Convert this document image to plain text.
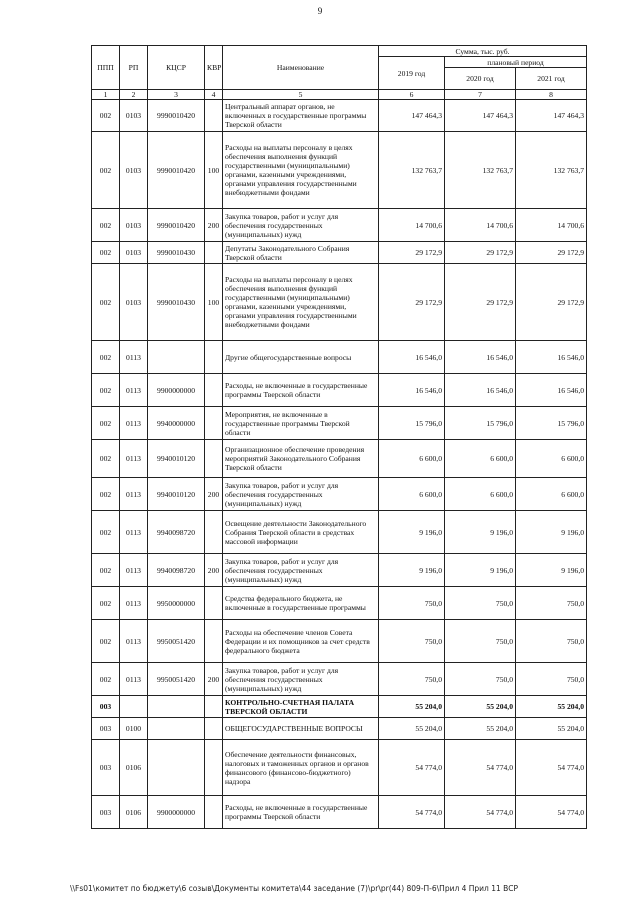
9
ППП	РП	КЦСР	КВР	Наименование	Сумма, тыс. руб.		
					2019 год	плановый период	
						2020 год	2021 год
1	2	3	4	5	6	7	8
002	0103	9990010420		Центральный аппарат органов, не включенных в государственные программы Тверской области	147 464,3	147 464,3	147 464,3
002	0103	9990010420	100	Расходы на выплаты персоналу в целях обеспечения выполнения функций государственными (муниципальными) органами, казенными учреждениями, органами управления государственными внебюджетными фондами	132 763,7	132 763,7	132 763,7
002	0103	9990010420	200	Закупка товаров, работ и услуг для обеспечения государственных (муниципальных) нужд	14 700,6	14 700,6	14 700,6
002	0103	9990010430		Депутаты Законодательного Собрания Тверской области	29 172,9	29 172,9	29 172,9
002	0103	9990010430	100	Расходы на выплаты персоналу в целях обеспечения выполнения функций государственными (муниципальными) органами, казенными учреждениями, органами управления государственными внебюджетными фондами	29 172,9	29 172,9	29 172,9
002	0113			Другие общегосударственные вопросы	16 546,0	16 546,0	16 546,0
002	0113	9900000000		Расходы, не включенные в государственные программы Тверской области	16 546,0	16 546,0	16 546,0
002	0113	9940000000		Мероприятия, не включенные в государственные программы Тверской области	15 796,0	15 796,0	15 796,0
002	0113	9940010120		Организационное обеспечение проведения мероприятий Законодательного Собрания Тверской области	6 600,0	6 600,0	6 600,0
002	0113	9940010120	200	Закупка товаров, работ и услуг для обеспечения государственных (муниципальных) нужд	6 600,0	6 600,0	6 600,0
002	0113	9940098720		Освещение деятельности Законодательного Собрания Тверской области в средствах массовой информации	9 196,0	9 196,0	9 196,0
002	0113	9940098720	200	Закупка товаров, работ и услуг для обеспечения государственных (муниципальных) нужд	9 196,0	9 196,0	9 196,0
002	0113	9950000000		Средства федерального бюджета, не включенные в государственные программы	750,0	750,0	750,0
002	0113	9950051420		Расходы на обеспечение членов Совета Федерации и их помощников за счет средств федерального бюджета	750,0	750,0	750,0
002	0113	9950051420	200	Закупка товаров, работ и услуг для обеспечения государственных (муниципальных) нужд	750,0	750,0	750,0
003				КОНТРОЛЬНО-СЧЕТНАЯ ПАЛАТА ТВЕРСКОЙ ОБЛАСТИ	55 204,0	55 204,0	55 204,0
003	0100			ОБЩЕГОСУДАРСТВЕННЫЕ ВОПРОСЫ	55 204,0	55 204,0	55 204,0
003	0106			Обеспечение деятельности финансовых, налоговых и таможенных органов и органов финансового (финансово-бюджетного) надзора	54 774,0	54 774,0	54 774,0
003	0106	9900000000		Расходы, не включенные в государственные программы Тверской области	54 774,0	54 774,0	54 774,0
\\Fs01\комитет по бюджету\6 созыв\Документы комитета\44 заседание (7)\pr\pr(44) 809-П-6\Прил 4 Прил 11 ВСР
